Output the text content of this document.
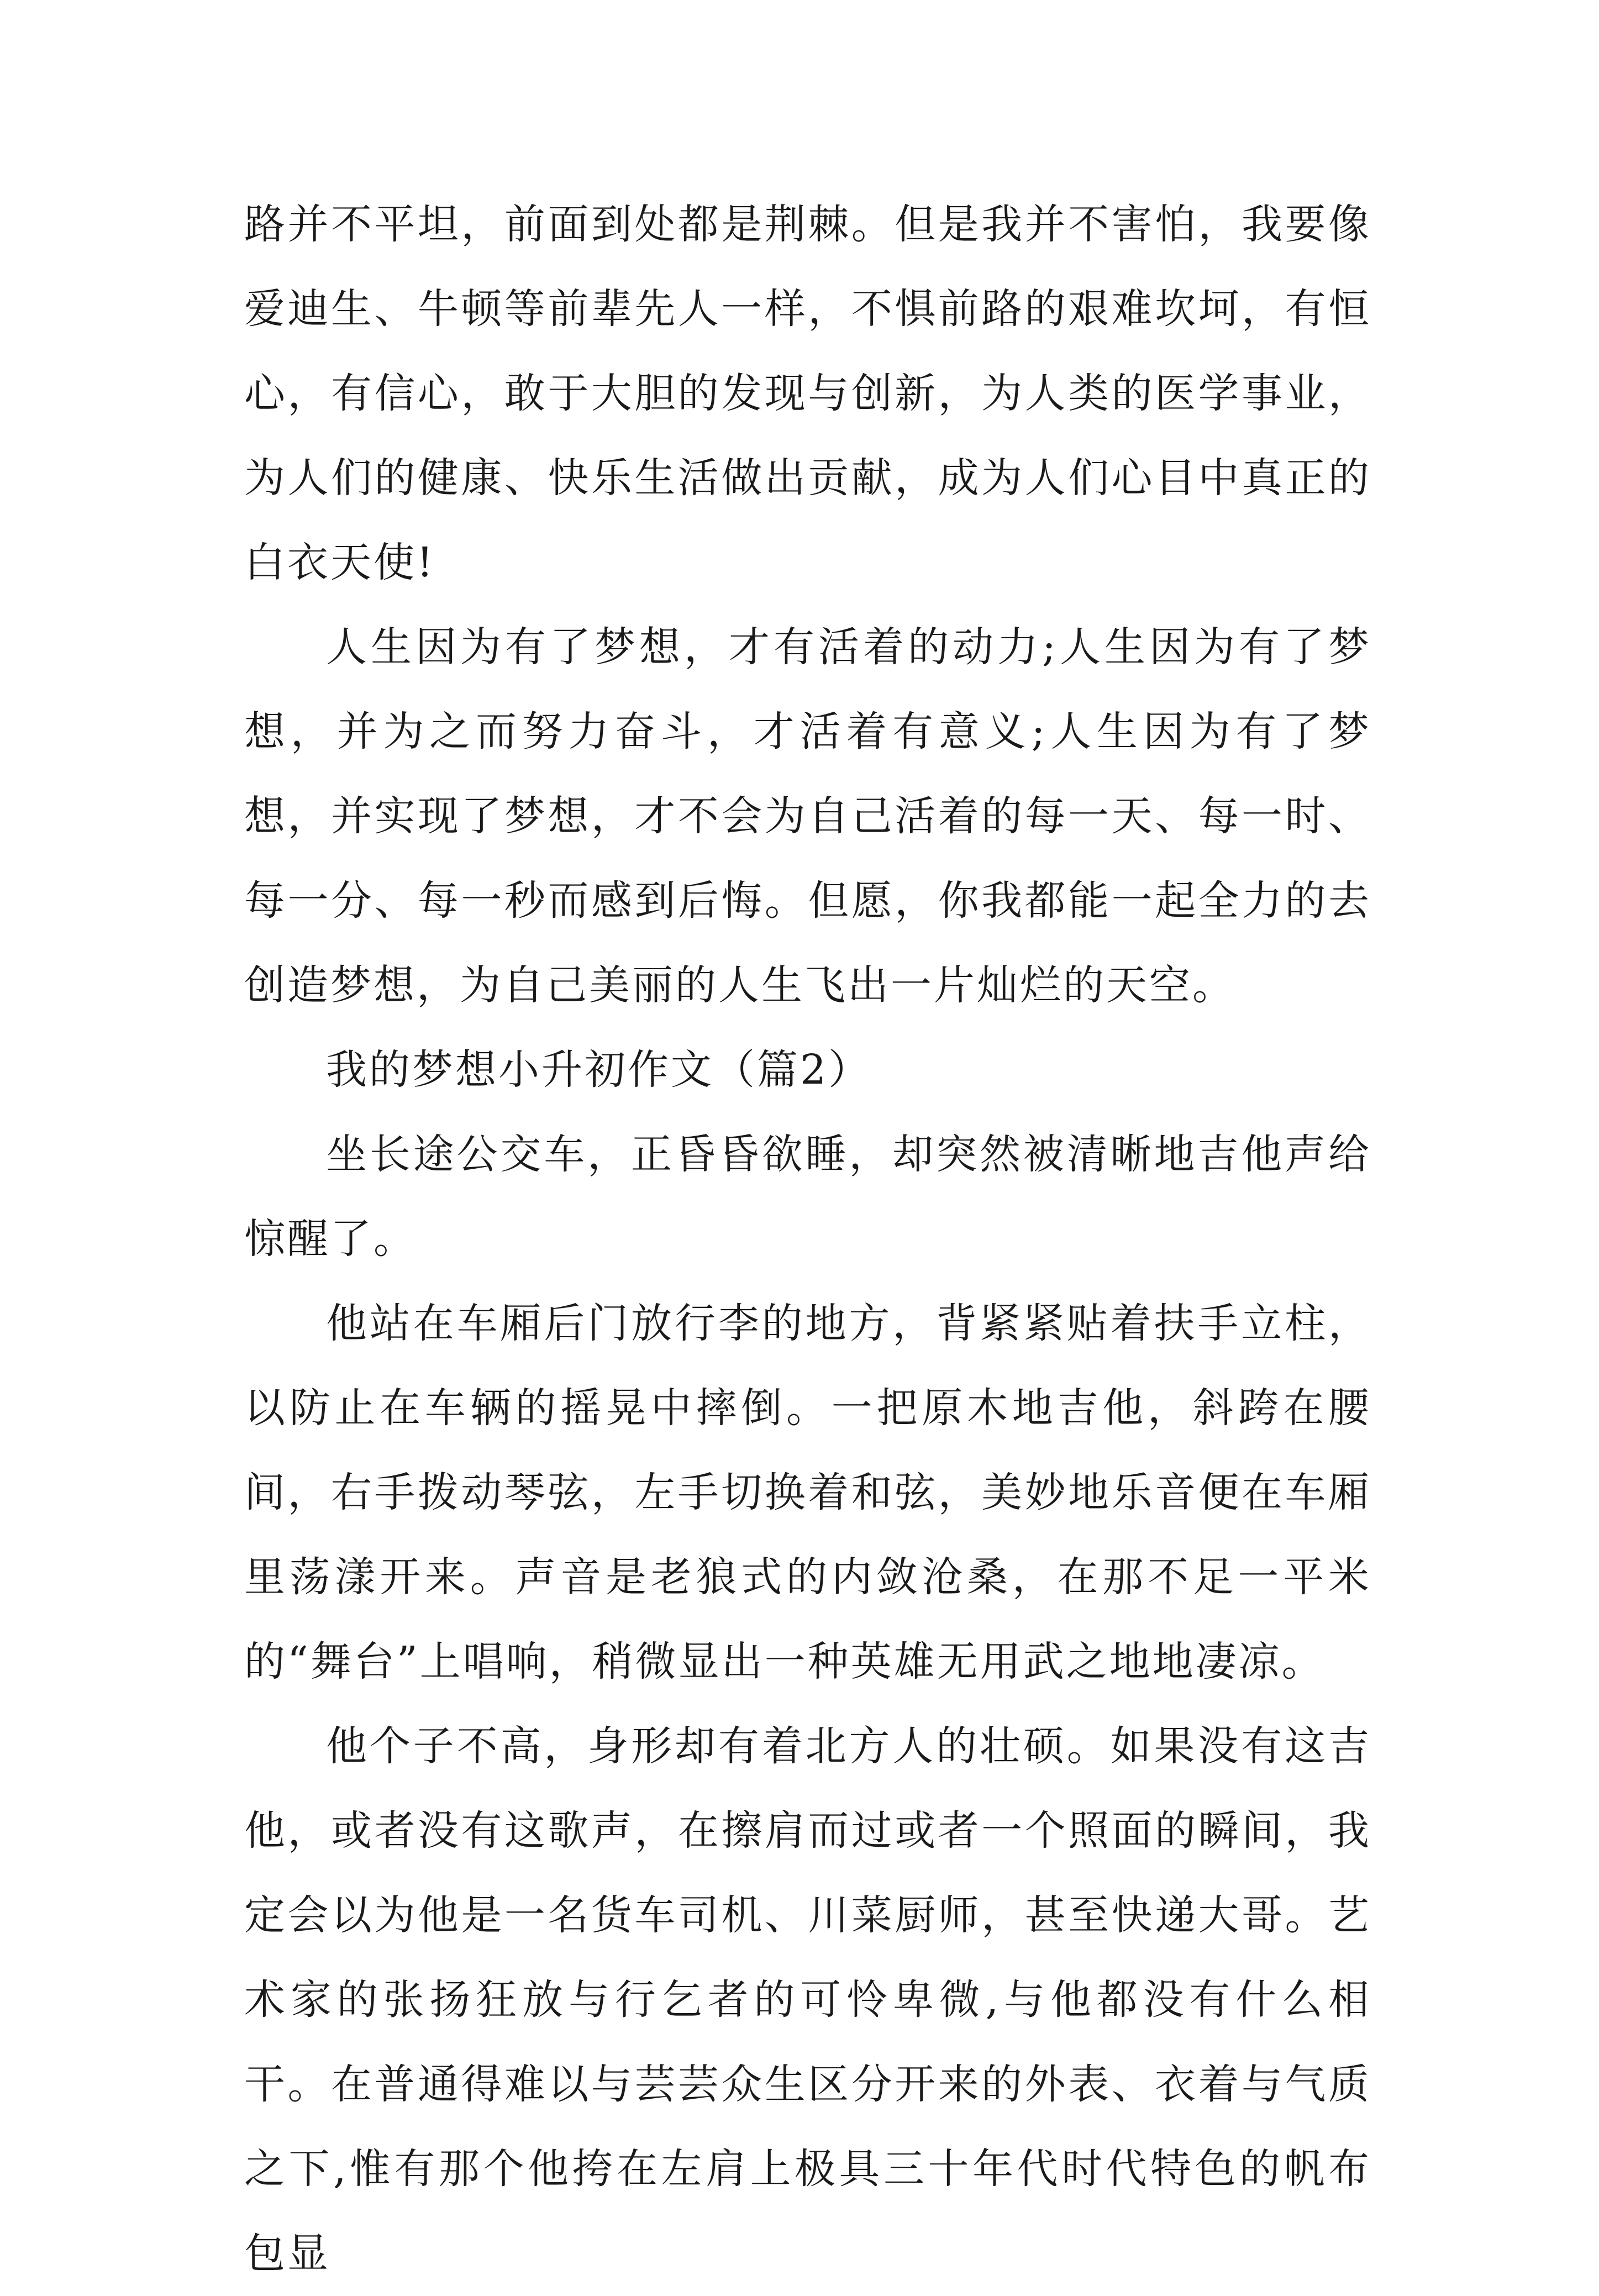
路并不平坦，前面到处都是荆棘。但是我并不害怕，我要像爱迪生、牛顿等前辈先人一样，不惧前路的艰难坎坷，有恒心，有信心，敢于大胆的发现与创新，为人类的医学事业，为人们的健康、快乐生活做出贡献，成为人们心目中真正的白衣天使!

人生因为有了梦想，才有活着的动力;人生因为有了梦想，并为之而努力奋斗，才活着有意义;人生因为有了梦想，并实现了梦想，才不会为自己活着的每一天、每一时、每一分、每一秒而感到后悔。但愿，你我都能一起全力的去创造梦想，为自己美丽的人生飞出一片灿烂的天空。

我的梦想小升初作文（篇2）

坐长途公交车，正昏昏欲睡，却突然被清晰地吉他声给惊醒了。

他站在车厢后门放行李的地方，背紧紧贴着扶手立柱，以防止在车辆的摇晃中摔倒。一把原木地吉他，斜跨在腰间，右手拨动琴弦，左手切换着和弦，美妙地乐音便在车厢里荡漾开来。声音是老狼式的内敛沧桑，在那不足一平米的“舞台”上唱响，稍微显出一种英雄无用武之地地凄凉。

他个子不高，身形却有着北方人的壮硕。如果没有这吉他，或者没有这歌声，在擦肩而过或者一个照面的瞬间，我定会以为他是一名货车司机、川菜厨师，甚至快递大哥。艺术家的张扬狂放与行乞者的可怜卑微,与他都没有什么相干。在普通得难以与芸芸众生区分开来的外表、衣着与气质之下,惟有那个他挎在左肩上极具三十年代时代特色的帆布包显
